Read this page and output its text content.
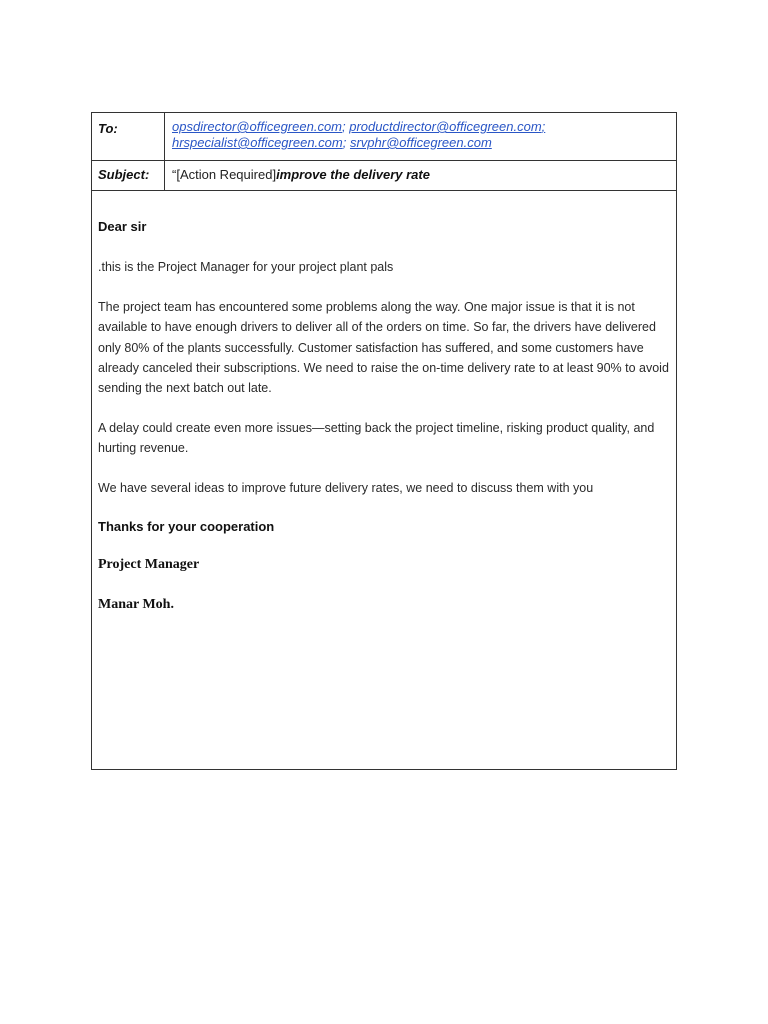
To:	opsdirector@officegreen.com; productdirector@officegreen.com;
hrspecialist@officegreen.com; srvphr@officegreen.com
Subject:	“[Action Required]improve the delivery rate

Dear sir

.this is the Project Manager for your project plant pals

The project team has encountered some problems along the way. One major issue is that it is not available to have enough drivers to deliver all of the orders on time. So far, the drivers have delivered only 80% of the plants successfully. Customer satisfaction has suffered, and some customers have already canceled their subscriptions. We need to raise the on-time delivery rate to at least 90% to avoid sending the next batch out late.

A delay could create even more issues—setting back the project timeline, risking product quality, and hurting revenue.

We have several ideas to improve future delivery rates, we need to discuss them with you

Thanks for your cooperation

Project Manager

Manar Moh.
